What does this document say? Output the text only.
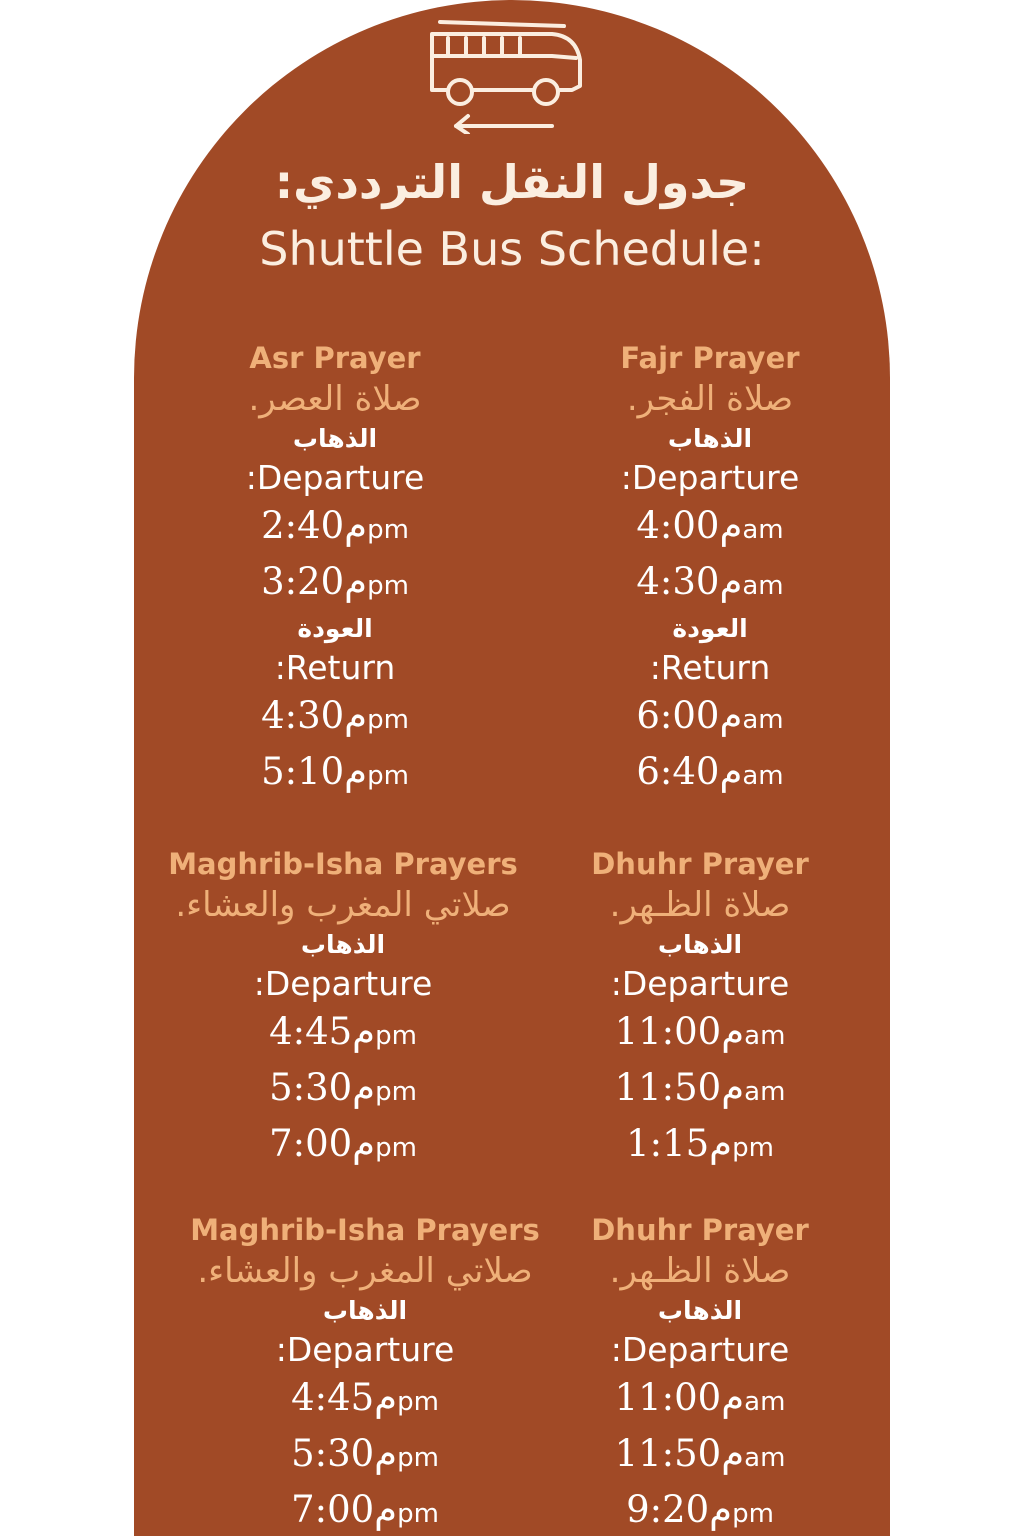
جدول النقل الترددي:
Shuttle Bus Schedule:
Fajr Prayer
صلاة الفجر.
الذهاب
:Departure
م4:00 am
م4:30 am
العودة
:Return
م6:00 am
م6:40 am
Asr Prayer
صلاة العصر.
الذهاب
:Departure
م2:40 pm
م3:20 pm
العودة
:Return
م4:30 pm
م5:10 pm
Dhuhr Prayer
صلاة الظـهر.
الذهاب
:Departure
م11:00 am
م11:50 am
م1:15 pm
Maghrib-Isha Prayers
صلاتي المغرب والعشاء.
الذهاب
:Departure
م4:45 pm
م5:30 pm
م7:00 pm
Dhuhr Prayer
صلاة الظـهر.
الذهاب
:Departure
م11:00 am
م11:50 am
م9:20 pm
Maghrib-Isha Prayers
صلاتي المغرب والعشاء.
الذهاب
:Departure
م4:45 pm
م5:30 pm
م7:00 pm
